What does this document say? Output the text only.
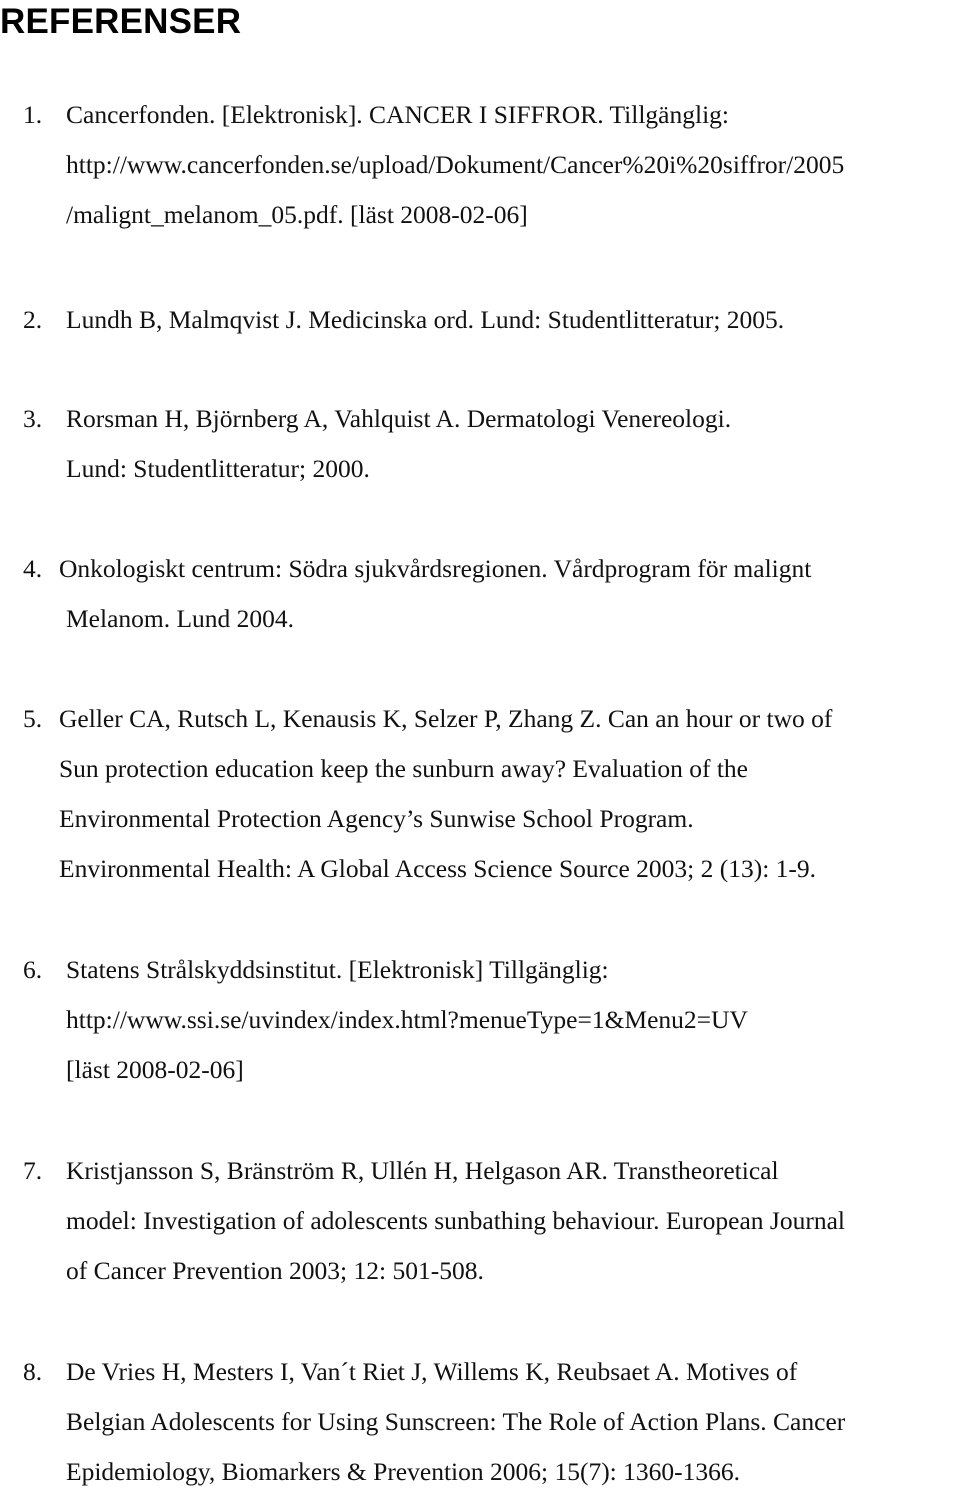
REFERENSER
1. Cancerfonden. [Elektronisk]. CANCER I SIFFROR. Tillgänglig:
http://www.cancerfonden.se/upload/Dokument/Cancer%20i%20siffror/2005
/malignt_melanom_05.pdf. [läst 2008-02-06]
2. Lundh B, Malmqvist J. Medicinska ord. Lund: Studentlitteratur; 2005.
3. Rorsman H, Björnberg A, Vahlquist A. Dermatologi Venereologi.
Lund: Studentlitteratur; 2000.
4. Onkologiskt centrum: Södra sjukvårdsregionen. Vårdprogram för malignt
Melanom. Lund 2004.
5. Geller CA, Rutsch L, Kenausis K, Selzer P, Zhang Z. Can an hour or two of
Sun protection education keep the sunburn away? Evaluation of the
Environmental Protection Agency’s Sunwise School Program.
Environmental Health: A Global Access Science Source 2003; 2 (13): 1-9.
6. Statens Strålskyddsinstitut. [Elektronisk] Tillgänglig:
http://www.ssi.se/uvindex/index.html?menueType=1&Menu2=UV
[läst 2008-02-06]
7. Kristjansson S, Bränström R, Ullén H, Helgason AR. Transtheoretical
model: Investigation of adolescents sunbathing behaviour. European Journal
of Cancer Prevention 2003; 12: 501-508.
8. De Vries H, Mesters I, Van´t Riet J, Willems K, Reubsaet A. Motives of
Belgian Adolescents for Using Sunscreen: The Role of Action Plans. Cancer
Epidemiology, Biomarkers & Prevention 2006; 15(7): 1360-1366.
